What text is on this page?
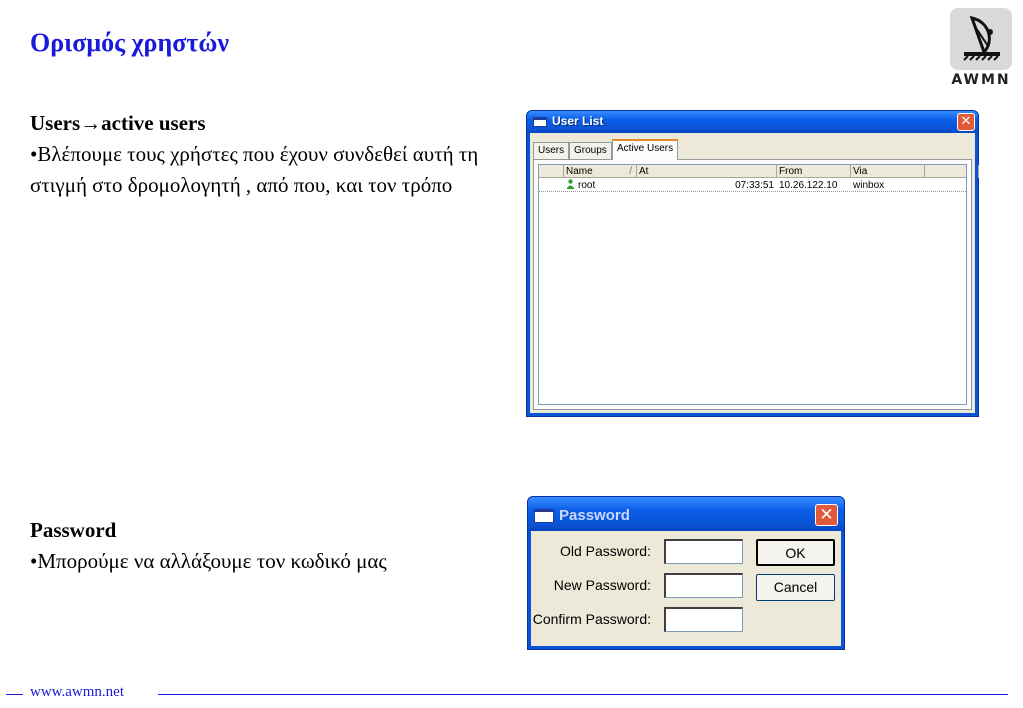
Ορισμός χρηστών
AWMN
Users→active users
•Βλέπουμε τους χρήστες που έχουν συνδεθεί αυτή τη στιγμή στο δρομολογητή , από που, και τον τρόπο
Password
•Μπορούμε να αλλάξουμε τον κωδικό μας
User List	✕
Users Groups	Active Users
Name	/ At	From	Via
root	07:33:51 10.26.122.10	winbox
Password	✕
Old Password:
New Password:
Confirm Password:
OK
Cancel
www.awmn.net
